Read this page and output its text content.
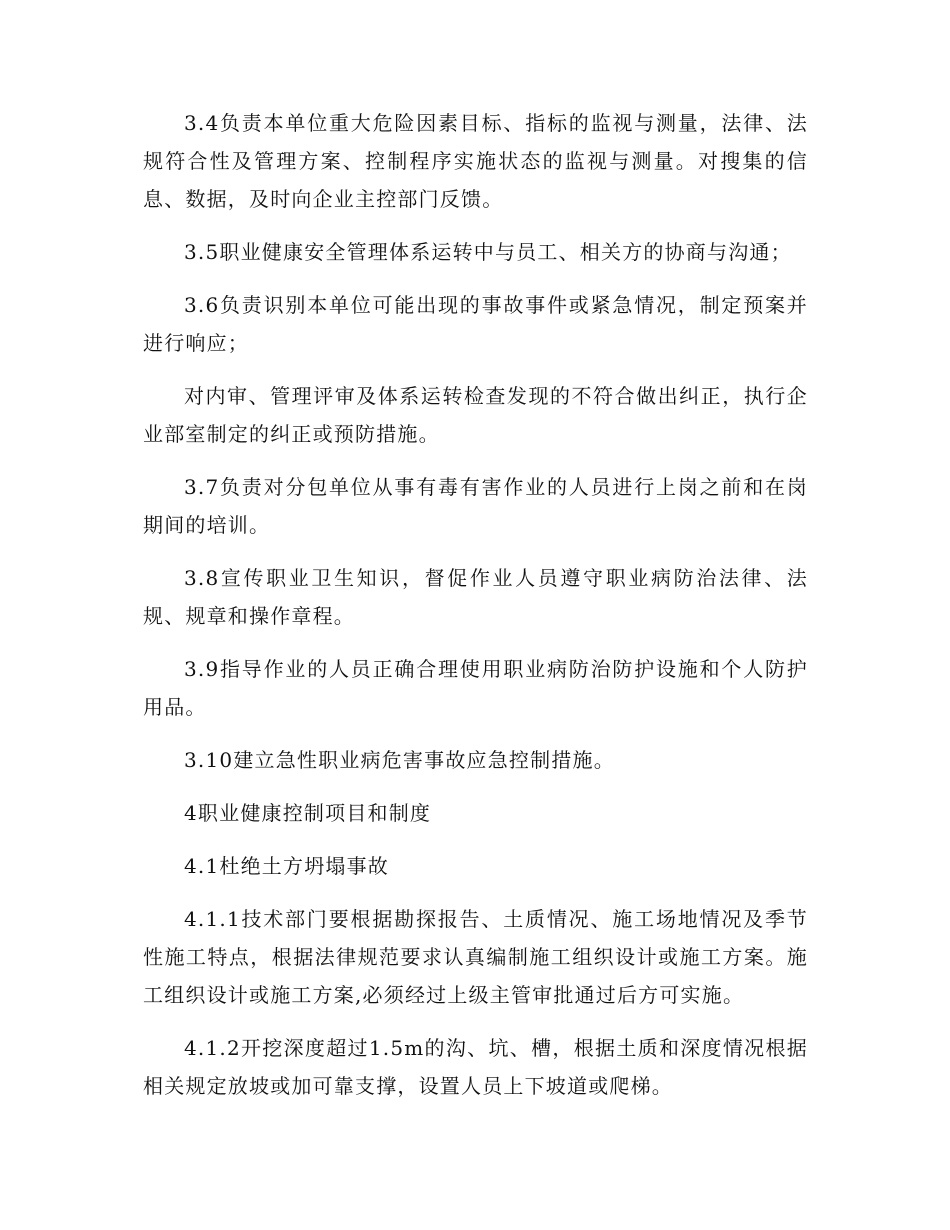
3.4负责本单位重大危险因素目标、指标的监视与测量，法律、法规符合性及管理方案、控制程序实施状态的监视与测量。对搜集的信息、数据，及时向企业主控部门反馈。

3.5职业健康安全管理体系运转中与员工、相关方的协商与沟通；

3.6负责识别本单位可能出现的事故事件或紧急情况，制定预案并进行响应；

对内审、管理评审及体系运转检查发现的不符合做出纠正，执行企业部室制定的纠正或预防措施。

3.7负责对分包单位从事有毒有害作业的人员进行上岗之前和在岗期间的培训。

3.8宣传职业卫生知识，督促作业人员遵守职业病防治法律、法规、规章和操作章程。

3.9指导作业的人员正确合理使用职业病防治防护设施和个人防护用品。

3.10建立急性职业病危害事故应急控制措施。

4职业健康控制项目和制度

4.1杜绝土方坍塌事故

4.1.1技术部门要根据勘探报告、土质情况、施工场地情况及季节性施工特点，根据法律规范要求认真编制施工组织设计或施工方案。施工组织设计或施工方案,必须经过上级主管审批通过后方可实施。

4.1.2开挖深度超过1.5m的沟、坑、槽，根据土质和深度情况根据相关规定放坡或加可靠支撑，设置人员上下坡道或爬梯。
